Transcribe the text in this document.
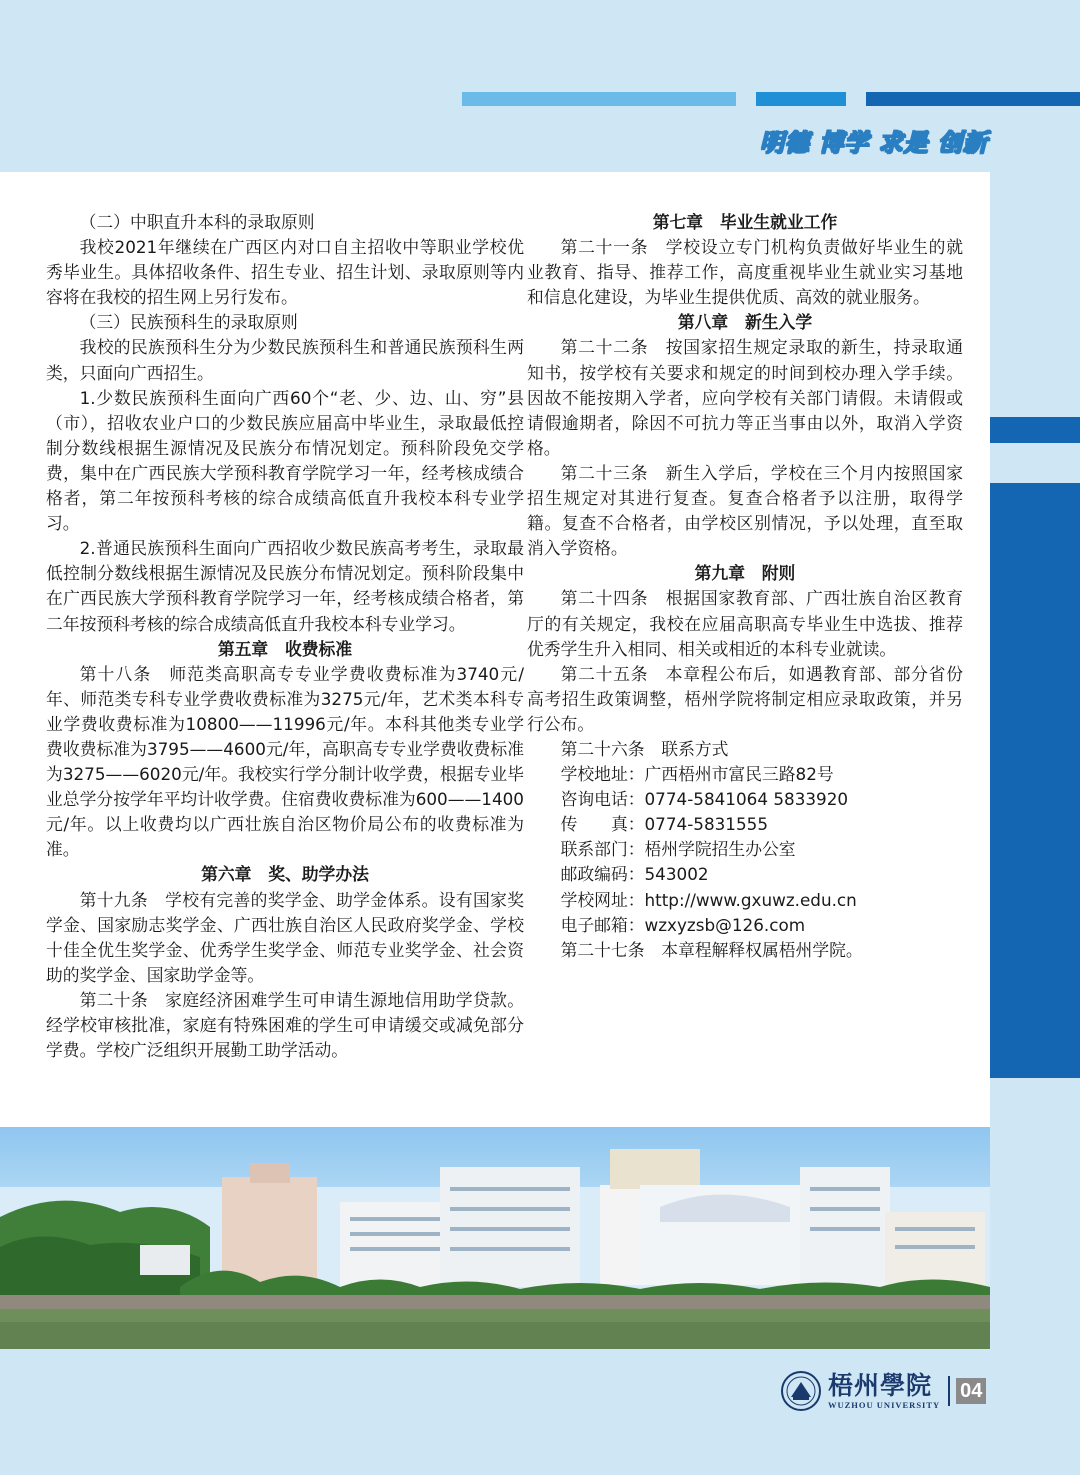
明德 博学 求是 创新

（二）中职直升本科的录取原则

我校2021年继续在广西区内对口自主招收中等职业学校优秀毕业生。具体招收条件、招生专业、招生计划、录取原则等内容将在我校的招生网上另行发布。

（三）民族预科生的录取原则

我校的民族预科生分为少数民族预科生和普通民族预科生两类，只面向广西招生。

1.少数民族预科生面向广西60个“老、少、边、山、穷”县（市），招收农业户口的少数民族应届高中毕业生，录取最低控制分数线根据生源情况及民族分布情况划定。预科阶段免交学费，集中在广西民族大学预科教育学院学习一年，经考核成绩合格者，第二年按预科考核的综合成绩高低直升我校本科专业学习。

2.普通民族预科生面向广西招收少数民族高考考生，录取最低控制分数线根据生源情况及民族分布情况划定。预科阶段集中在广西民族大学预科教育学院学习一年，经考核成绩合格者，第二年按预科考核的综合成绩高低直升我校本科专业学习。

第五章　收费标准

第十八条　师范类高职高专专业学费收费标准为3740元/年、师范类专科专业学费收费标准为3275元/年，艺术类本科专业学费收费标准为10800——11996元/年。本科其他类专业学费收费标准为3795——4600元/年，高职高专专业学费收费标准为3275——6020元/年。我校实行学分制计收学费，根据专业毕业总学分按学年平均计收学费。住宿费收费标准为600——1400元/年。以上收费均以广西壮族自治区物价局公布的收费标准为准。

第六章　奖、助学办法

第十九条　学校有完善的奖学金、助学金体系。设有国家奖学金、国家励志奖学金、广西壮族自治区人民政府奖学金、学校十佳全优生奖学金、优秀学生奖学金、师范专业奖学金、社会资助的奖学金、国家助学金等。

第二十条　家庭经济困难学生可申请生源地信用助学贷款。经学校审核批准，家庭有特殊困难的学生可申请缓交或减免部分学费。学校广泛组织开展勤工助学活动。

第七章　毕业生就业工作

第二十一条　学校设立专门机构负责做好毕业生的就业教育、指导、推荐工作，高度重视毕业生就业实习基地和信息化建设，为毕业生提供优质、高效的就业服务。

第八章　新生入学

第二十二条　按国家招生规定录取的新生，持录取通知书，按学校有关要求和规定的时间到校办理入学手续。因故不能按期入学者，应向学校有关部门请假。未请假或请假逾期者，除因不可抗力等正当事由以外，取消入学资格。

第二十三条　新生入学后，学校在三个月内按照国家招生规定对其进行复查。复查合格者予以注册，取得学籍。复查不合格者，由学校区别情况，予以处理，直至取消入学资格。

第九章　附则

第二十四条　根据国家教育部、广西壮族自治区教育厅的有关规定，我校在应届高职高专毕业生中选拔、推荐优秀学生升入相同、相关或相近的本科专业就读。

第二十五条　本章程公布后，如遇教育部、部分省份高考招生政策调整，梧州学院将制定相应录取政策，并另行公布。

第二十六条　联系方式

学校地址：广西梧州市富民三路82号

咨询电话：0774-5841064 5833920

传　　真：0774-5831555

联系部门：梧州学院招生办公室

邮政编码：543002

学校网址：http://www.gxuwz.edu.cn

电子邮箱：wzxyzsb@126.com

第二十七条　本章程解释权属梧州学院。

梧州學院
WUZHOU UNIVERSITY
04
